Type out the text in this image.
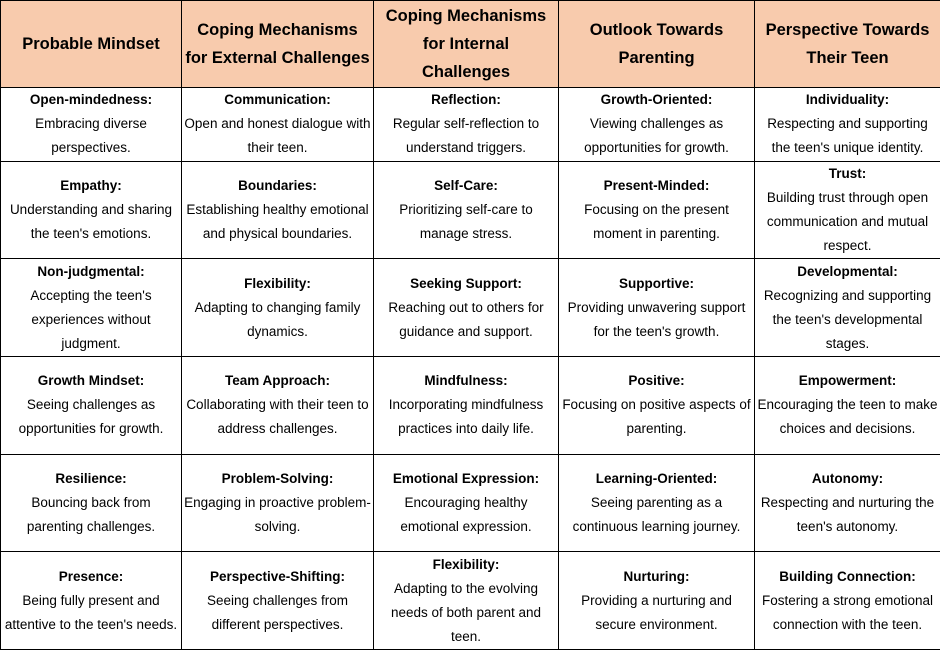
Probable Mindset	Coping Mechanisms for External Challenges	Coping Mechanisms for Internal Challenges	Outlook Towards Parenting	Perspective Towards Their Teen

Open-mindedness:
Embracing diverse perspectives.	Communication:
Open and honest dialogue with their teen.	Reflection:
Regular self-reflection to understand triggers.	Growth-Oriented:
Viewing challenges as opportunities for growth.	Individuality:
Respecting and supporting the teen's unique identity.

Empathy:
Understanding and sharing the teen's emotions.	Boundaries:
Establishing healthy emotional and physical boundaries.	Self-Care:
Prioritizing self-care to manage stress.	Present-Minded:
Focusing on the present moment in parenting.	Trust:
Building trust through open communication and mutual respect.

Non-judgmental:
Accepting the teen's experiences without judgment.	Flexibility:
Adapting to changing family dynamics.	Seeking Support:
Reaching out to others for guidance and support.	Supportive:
Providing unwavering support for the teen's growth.	Developmental:
Recognizing and supporting the teen's developmental stages.

Growth Mindset:
Seeing challenges as opportunities for growth.	Team Approach:
Collaborating with their teen to address challenges.	Mindfulness:
Incorporating mindfulness practices into daily life.	Positive:
Focusing on positive aspects of parenting.	Empowerment:
Encouraging the teen to make choices and decisions.

Resilience:
Bouncing back from parenting challenges.	Problem-Solving:
Engaging in proactive problem-solving.	Emotional Expression:
Encouraging healthy emotional expression.	Learning-Oriented:
Seeing parenting as a continuous learning journey.	Autonomy:
Respecting and nurturing the teen's autonomy.

Presence:
Being fully present and attentive to the teen's needs.	Perspective-Shifting:
Seeing challenges from different perspectives.	Flexibility:
Adapting to the evolving needs of both parent and teen.	Nurturing:
Providing a nurturing and secure environment.	Building Connection:
Fostering a strong emotional connection with the teen.
